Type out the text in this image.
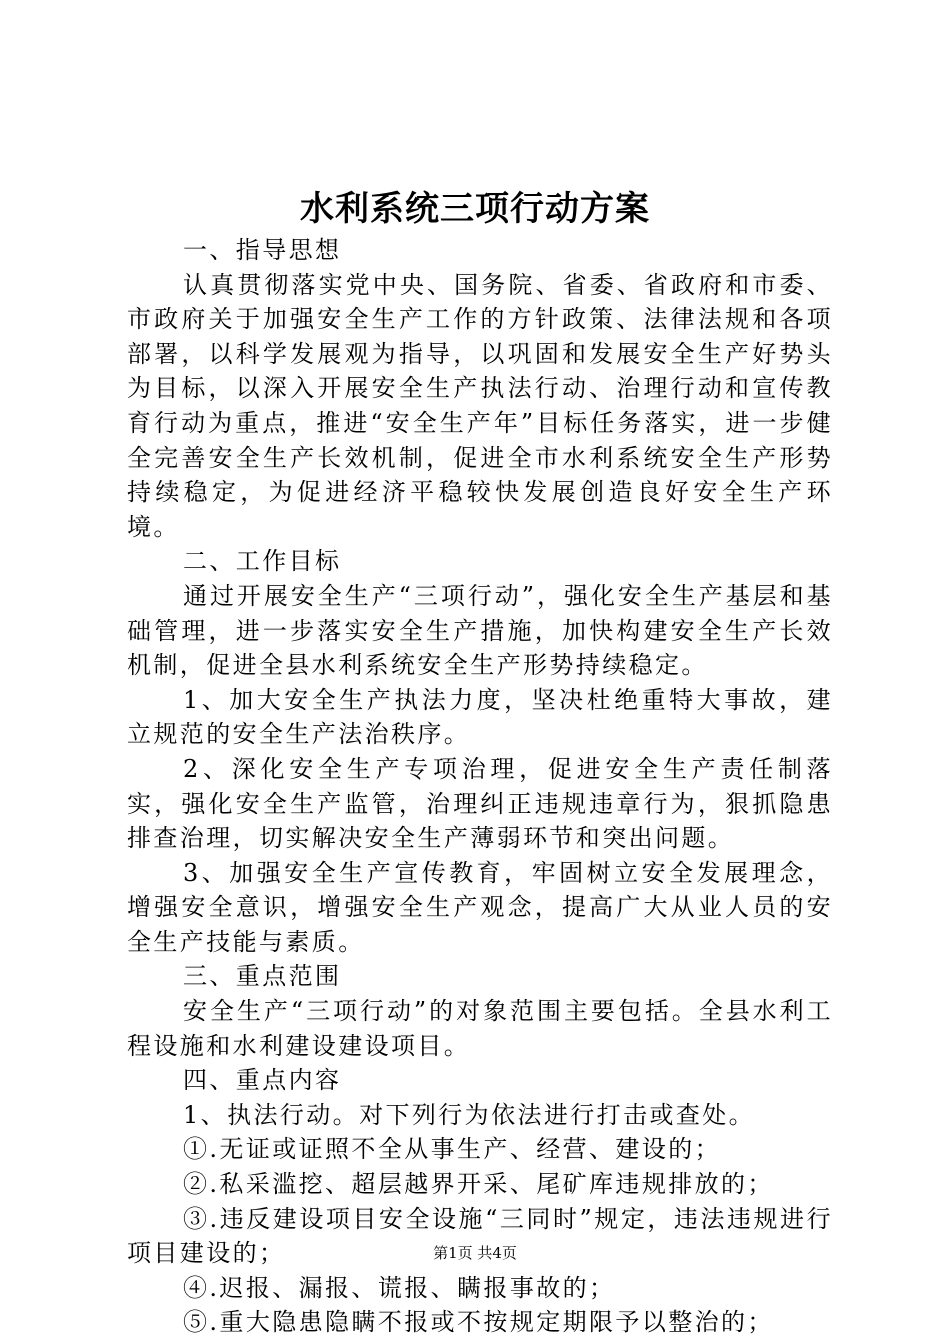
水利系统三项行动方案

一、指导思想

认真贯彻落实党中央、国务院、省委、省政府和市委、市政府关于加强安全生产工作的方针政策、法律法规和各项部署，以科学发展观为指导，以巩固和发展安全生产好势头为目标，以深入开展安全生产执法行动、治理行动和宣传教育行动为重点，推进“安全生产年”目标任务落实，进一步健全完善安全生产长效机制，促进全市水利系统安全生产形势持续稳定，为促进经济平稳较快发展创造良好安全生产环境。

二、工作目标

通过开展安全生产“三项行动”，强化安全生产基层和基础管理，进一步落实安全生产措施，加快构建安全生产长效机制，促进全县水利系统安全生产形势持续稳定。

1、加大安全生产执法力度，坚决杜绝重特大事故，建立规范的安全生产法治秩序。

2、深化安全生产专项治理，促进安全生产责任制落实，强化安全生产监管，治理纠正违规违章行为，狠抓隐患排查治理，切实解决安全生产薄弱环节和突出问题。

3、加强安全生产宣传教育，牢固树立安全发展理念，增强安全意识，增强安全生产观念，提高广大从业人员的安全生产技能与素质。

三、重点范围

安全生产“三项行动”的对象范围主要包括。全县水利工程设施和水利建设建设项目。

四、重点内容

1、执法行动。对下列行为依法进行打击或查处。

①.无证或证照不全从事生产、经营、建设的；

②.私采滥挖、超层越界开采、尾矿库违规排放的；

③.违反建设项目安全设施“三同时”规定，违法违规进行项目建设的；

④.迟报、漏报、谎报、瞒报事故的；

⑤.重大隐患隐瞒不报或不按规定期限予以整治的；

第1页 共4页
